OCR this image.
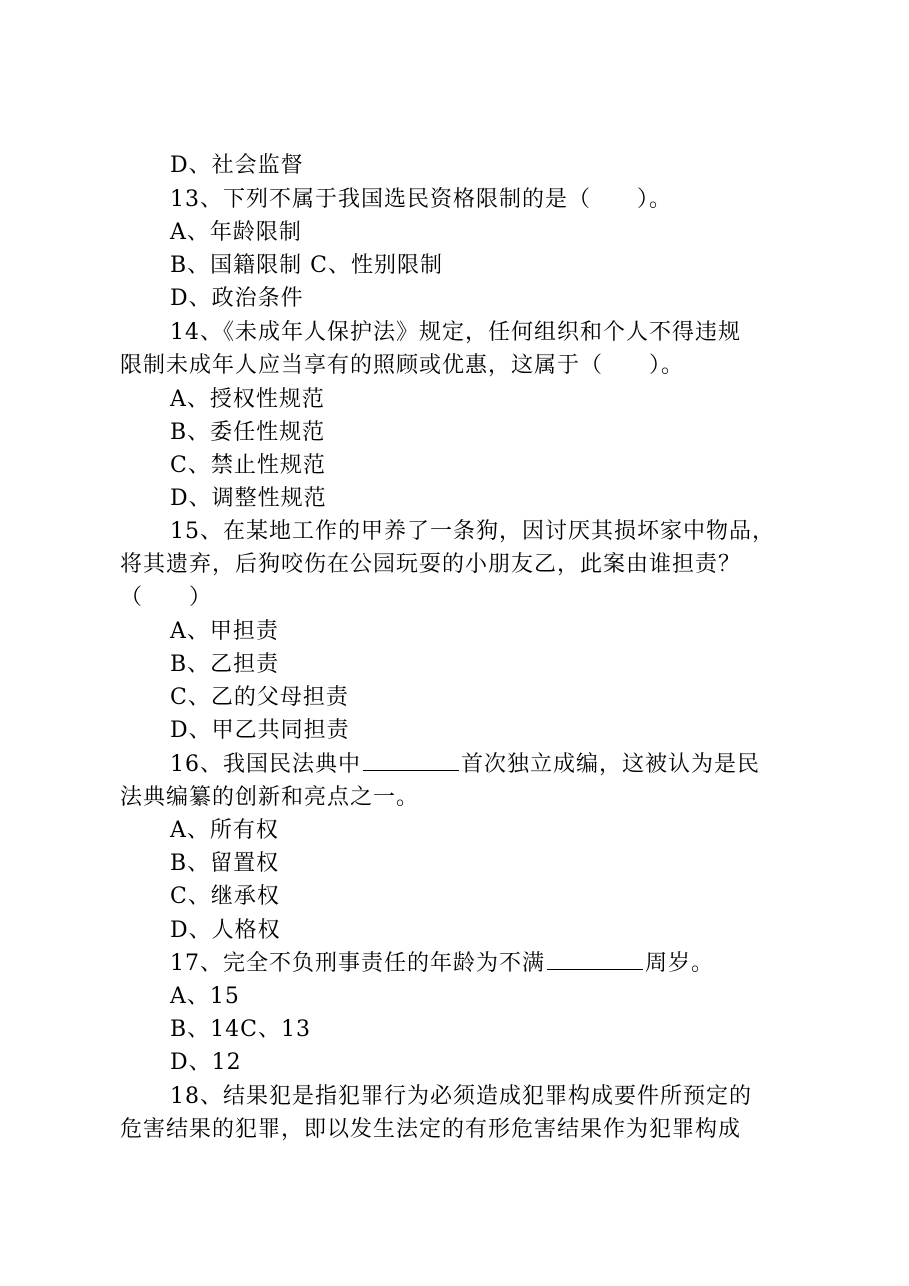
D、社会监督
13、下列不属于我国选民资格限制的是（　　）。
A、年龄限制
B、国籍限制 C、性别限制
D、政治条件
14、《未成年人保护法》规定，任何组织和个人不得违规
限制未成年人应当享有的照顾或优惠，这属于（　　）。
A、授权性规范
B、委任性规范
C、禁止性规范
D、调整性规范
15、在某地工作的甲养了一条狗，因讨厌其损坏家中物品，
将其遗弃，后狗咬伤在公园玩耍的小朋友乙，此案由谁担责？
（　　）
A、甲担责
B、乙担责
C、乙的父母担责
D、甲乙共同担责
16、我国民法典中	首次独立成编，这被认为是民
法典编纂的创新和亮点之一。
A、所有权
B、留置权
C、继承权
D、人格权
17、完全不负刑事责任的年龄为不满	周岁。
A、15
B、14C、13
D、12
18、结果犯是指犯罪行为必须造成犯罪构成要件所预定的
危害结果的犯罪，即以发生法定的有形危害结果作为犯罪构成
